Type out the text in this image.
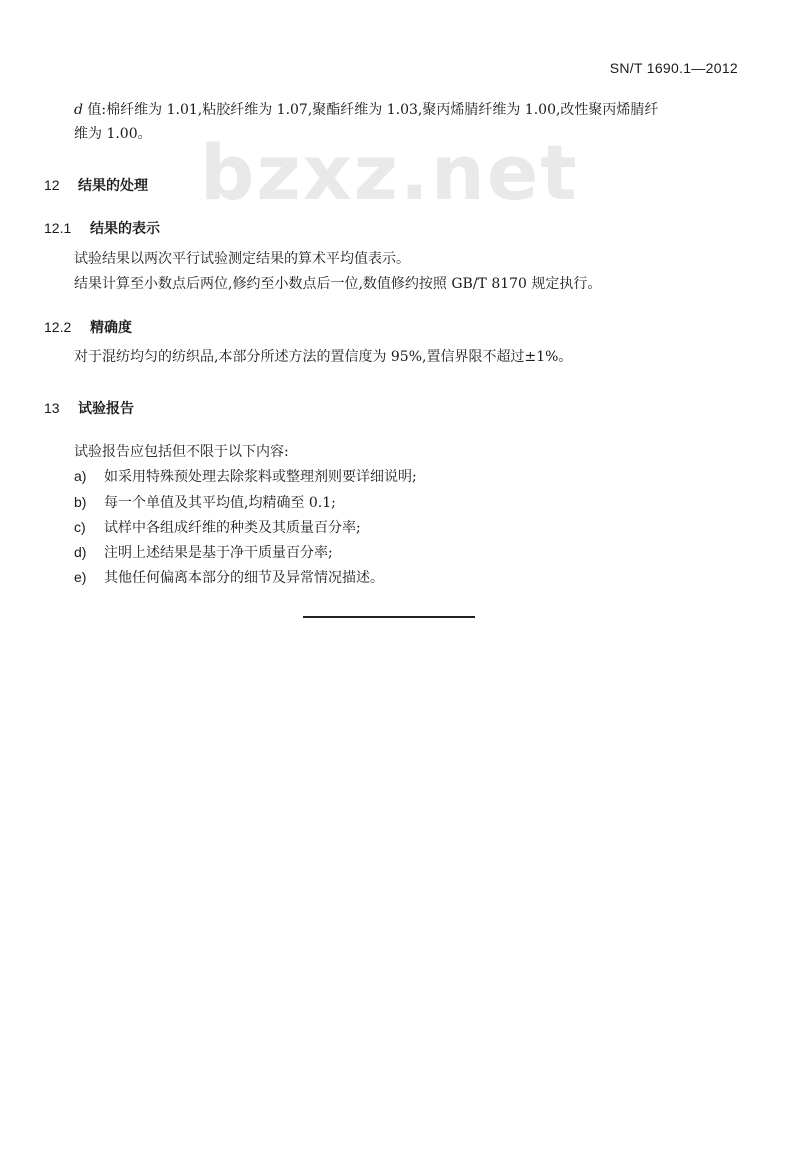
SN/T 1690.1—2012
bzxz.net
d 值:棉纤维为 1.01,粘胶纤维为 1.07,聚酯纤维为 1.03,聚丙烯腈纤维为 1.00,改性聚丙烯腈纤
维为 1.00。
12 结果的处理
12.1 结果的表示
试验结果以两次平行试验测定结果的算术平均值表示。
结果计算至小数点后两位,修约至小数点后一位,数值修约按照 GB/T 8170 规定执行。
12.2 精确度
对于混纺均匀的纺织品,本部分所述方法的置信度为 95%,置信界限不超过±1%。
13 试验报告
试验报告应包括但不限于以下内容:
a) 如采用特殊预处理去除浆料或整理剂则要详细说明;
b) 每一个单值及其平均值,均精确至 0.1;
c) 试样中各组成纤维的种类及其质量百分率;
d) 注明上述结果是基于净干质量百分率;
e) 其他任何偏离本部分的细节及异常情况描述。
